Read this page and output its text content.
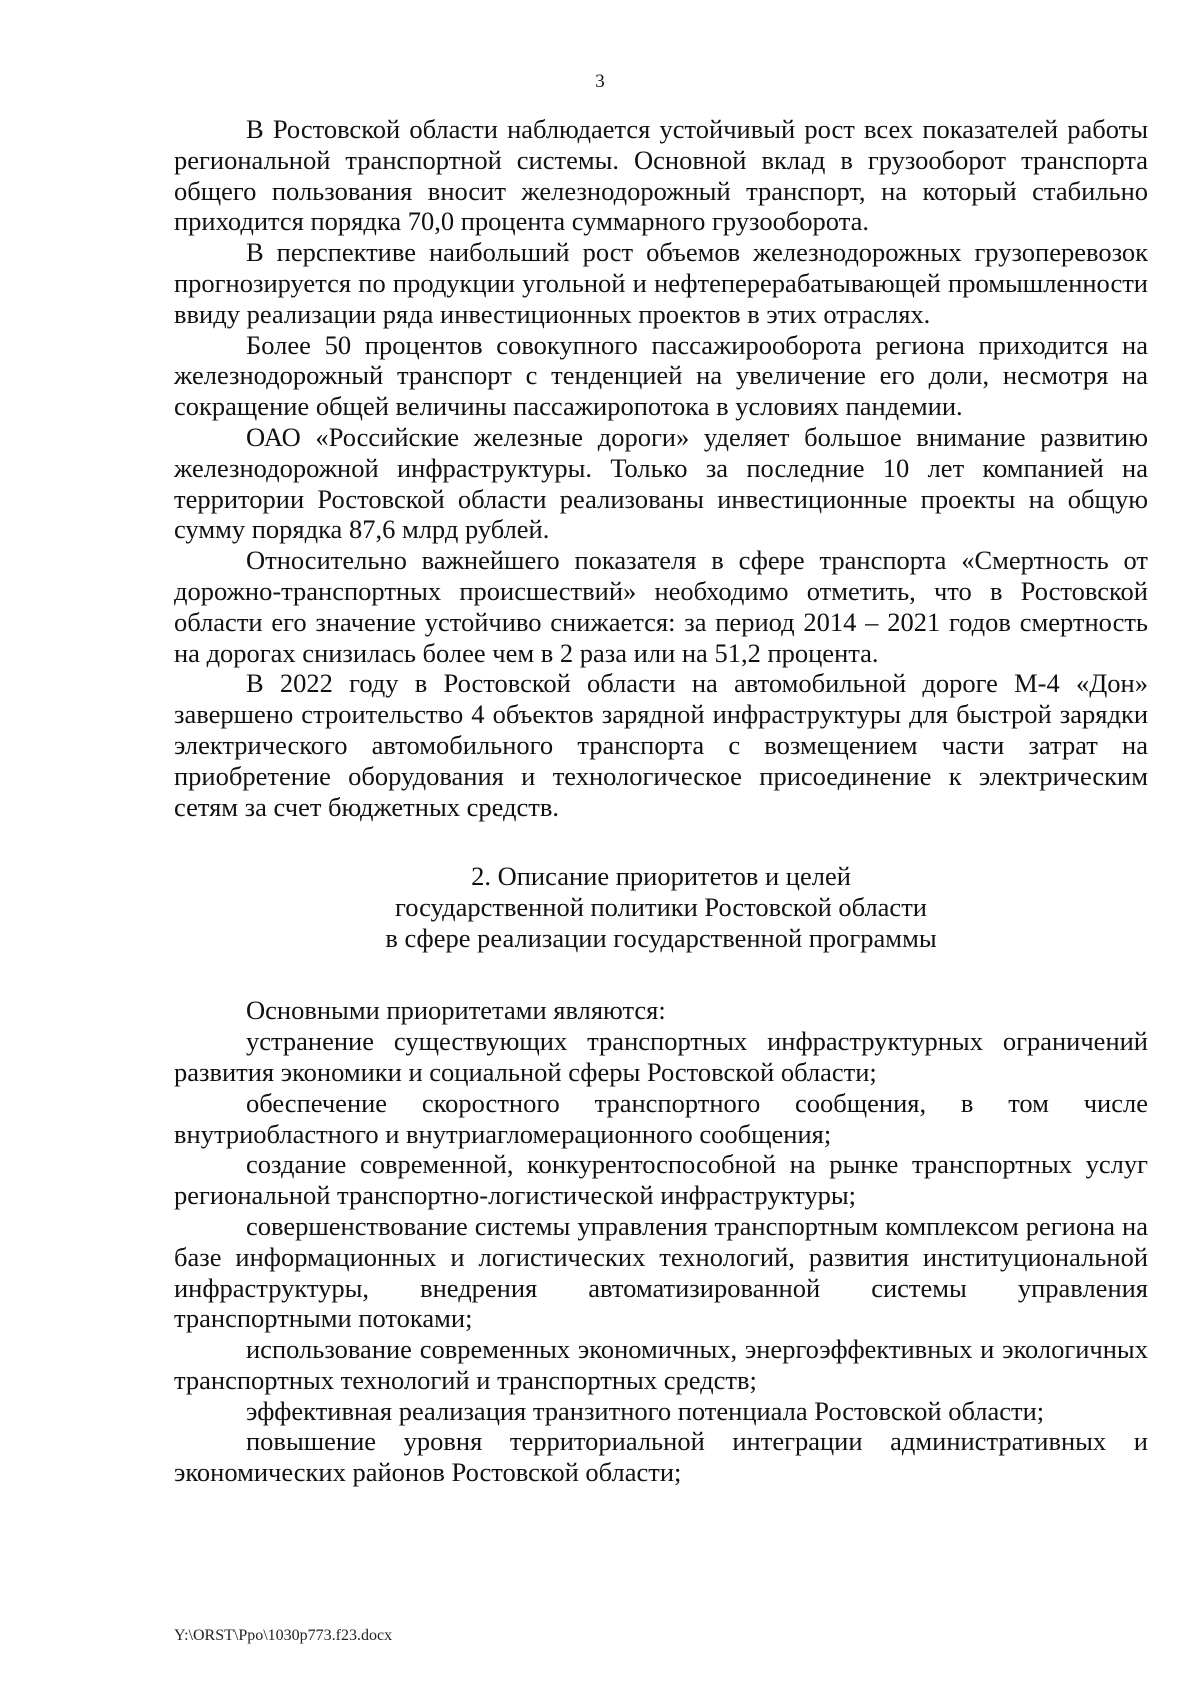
3

В Ростовской области наблюдается устойчивый рост всех показателей работы региональной транспортной системы. Основной вклад в грузооборот транспорта общего пользования вносит железнодорожный транспорт, на который стабильно приходится порядка 70,0 процента суммарного грузооборота.

В перспективе наибольший рост объемов железнодорожных грузоперевозок прогнозируется по продукции угольной и нефтеперерабатывающей промышленности ввиду реализации ряда инвестиционных проектов в этих отраслях.

Более 50 процентов совокупного пассажирооборота региона приходится на железнодорожный транспорт с тенденцией на увеличение его доли, несмотря на сокращение общей величины пассажиропотока в условиях пандемии.

ОАО «Российские железные дороги» уделяет большое внимание развитию железнодорожной инфраструктуры. Только за последние 10 лет компанией на территории Ростовской области реализованы инвестиционные проекты на общую сумму порядка 87,6 млрд рублей.

Относительно важнейшего показателя в сфере транспорта «Смертность от дорожно-транспортных происшествий» необходимо отметить, что в Ростовской области его значение устойчиво снижается: за период 2014 – 2021 годов смертность на дорогах снизилась более чем в 2 раза или на 51,2 процента.

В 2022 году в Ростовской области на автомобильной дороге М-4 «Дон» завершено строительство 4 объектов зарядной инфраструктуры для быстрой зарядки электрического автомобильного транспорта с возмещением части затрат на приобретение оборудования и технологическое присоединение к электрическим сетям за счет бюджетных средств.

2. Описание приоритетов и целей
государственной политики Ростовской области
в сфере реализации государственной программы

Основными приоритетами являются:

устранение существующих транспортных инфраструктурных ограничений развития экономики и социальной сферы Ростовской области;

обеспечение скоростного транспортного сообщения, в том числе внутриобластного и внутриагломерационного сообщения;

создание современной, конкурентоспособной на рынке транспортных услуг региональной транспортно-логистической инфраструктуры;

совершенствование системы управления транспортным комплексом региона на базе информационных и логистических технологий, развития институциональной инфраструктуры, внедрения автоматизированной системы управления транспортными потоками;

использование современных экономичных, энергоэффективных и экологичных транспортных технологий и транспортных средств;

эффективная реализация транзитного потенциала Ростовской области;

повышение уровня территориальной интеграции административных и экономических районов Ростовской области;

Y:\ORST\Ppo\1030p773.f23.docx
